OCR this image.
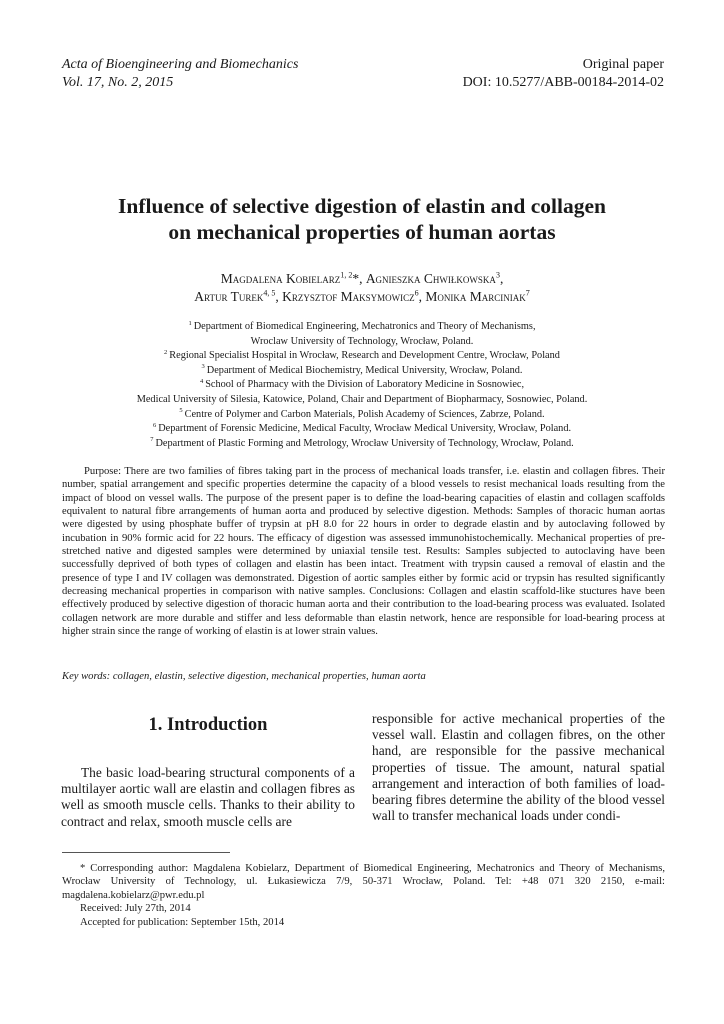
Acta of Bioengineering and Biomechanics
Vol. 17, No. 2, 2015
Original paper
DOI: 10.5277/ABB-00184-2014-02
Influence of selective digestion of elastin and collagen
on mechanical properties of human aortas
Magdalena Kobielarz$^{1, 2}$*, Agnieszka Chwiłkowska$^3$,
Artur Turek$^{4, 5}$, Krzysztof Maksymowicz$^6$, Monika Marciniak$^7$
$^1$ Department of Biomedical Engineering, Mechatronics and Theory of Mechanisms,
Wroclaw University of Technology, Wrocław, Poland.
$^2$ Regional Specialist Hospital in Wrocław, Research and Development Centre, Wrocław, Poland
$^3$ Department of Medical Biochemistry, Medical University, Wrocław, Poland.
$^4$ School of Pharmacy with the Division of Laboratory Medicine in Sosnowiec,
Medical University of Silesia, Katowice, Poland, Chair and Department of Biopharmacy, Sosnowiec, Poland.
$^5$ Centre of Polymer and Carbon Materials, Polish Academy of Sciences, Zabrze, Poland.
$^6$ Department of Forensic Medicine, Medical Faculty, Wrocław Medical University, Wrocław, Poland.
$^7$ Department of Plastic Forming and Metrology, Wrocław University of Technology, Wrocław, Poland.

Purpose: There are two families of fibres taking part in the process of mechanical loads transfer, i.e. elastin and collagen fibres. Their number, spatial arrangement and specific properties determine the capacity of a blood vessels to resist mechanical loads resulting from the impact of blood on vessel walls. The purpose of the present paper is to define the load-bearing capacities of elastin and collagen scaffolds equivalent to natural fibre arrangements of human aorta and produced by selective digestion. Methods: Samples of thoracic human aortas were digested by using phosphate buffer of trypsin at pH 8.0 for 22 hours in order to degrade elastin and by autoclaving followed by incubation in 90% formic acid for 22 hours. The efficacy of digestion was assessed immunohistochemically. Mechanical properties of pre-stretched native and digested samples were determined by uniaxial tensile test. Results: Samples subjected to autoclaving have been successfully deprived of both types of collagen and elastin has been intact. Treatment with trypsin caused a removal of elastin and the presence of type I and IV collagen was demonstrated. Digestion of aortic samples either by formic acid or trypsin has resulted significantly decreasing mechanical properties in comparison with native samples. Conclusions: Collagen and elastin scaffold-like stuctures have been effectively produced by selective digestion of thoracic human aorta and their contribution to the load-bearing process was evaluated. Isolated collagen network are more durable and stiffer and less deformable than elastin network, hence are responsible for load-bearing process at higher strain since the range of working of elastin is at lower strain values.

Key words: collagen, elastin, selective digestion, mechanical properties, human aorta

1. Introduction

The basic load-bearing structural components of a multilayer aortic wall are elastin and collagen fibres as well as smooth muscle cells. Thanks to their ability to contract and relax, smooth muscle cells are

responsible for active mechanical properties of the vessel wall. Elastin and collagen fibres, on the other hand, are responsible for the passive mechanical properties of tissue. The amount, natural spatial arrangement and interaction of both families of load-bearing fibres determine the ability of the blood vessel wall to transfer mechanical loads under condi-

* Corresponding author: Magdalena Kobielarz, Department of Biomedical Engineering, Mechatronics and Theory of Mechanisms, Wrocław University of Technology, ul. Łukasiewicza 7/9, 50-371 Wrocław, Poland. Tel: +48 071 320 2150, e-mail: magdalena.kobielarz@pwr.edu.pl

Received: July 27th, 2014

Accepted for publication: September 15th, 2014
